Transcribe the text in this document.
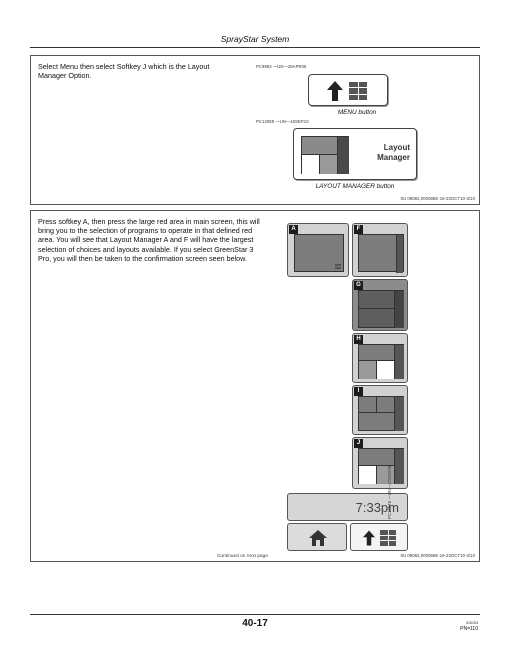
SprayStar System
Select Menu then select Softkey J which is the Layout Manager Option.
PC9953 —UN—29APR05
MENU button
PC12089 —UN—18SEP10
Layout
Manager
LAYOUT MANAGER button
0U 09082,000086E-19-23OCT10-3/10
Press softkey A, then press the large red area in main screen, this will bring you to the selection of programs to operate in that defined red area. You will see that Layout Manager A and F will have the largest selection of choices and layouts available. If you select GreenStar 3 Pro, you will then be taken to the confirmation screen seen below.
A	F
G
H
I
J
7:33pm
PC12075 —UN—17NOV08
Continued on next page	0U 09082,000086E-19-23OCT10-3/10
40-17	010124
PN=110
